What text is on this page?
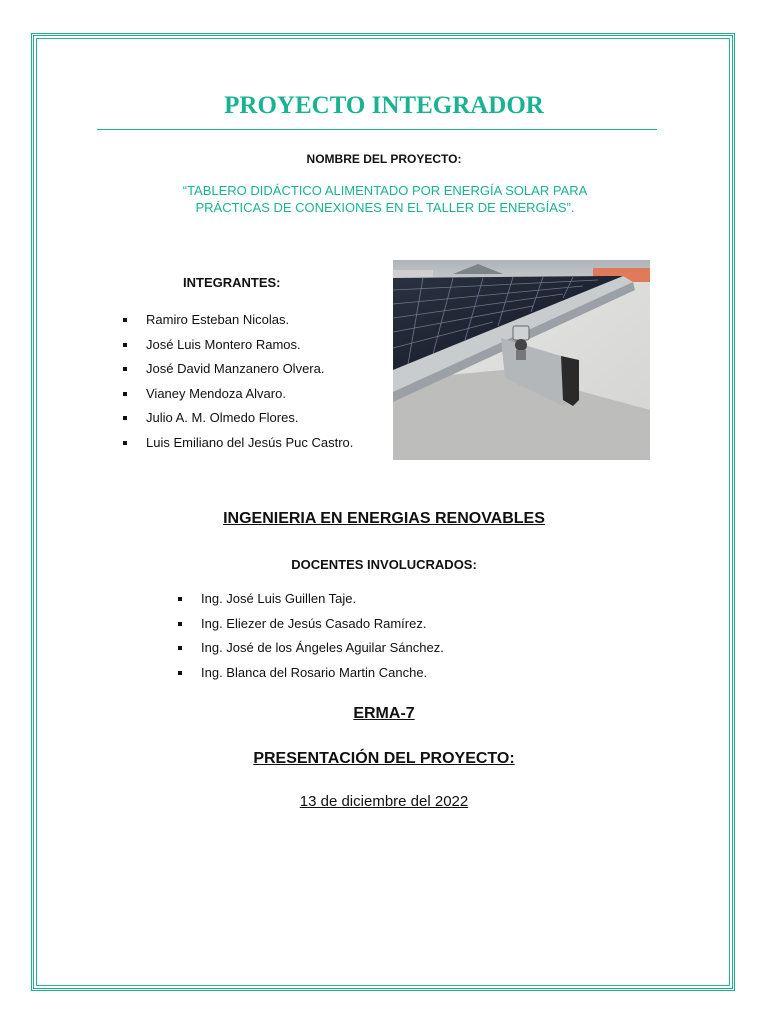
PROYECTO INTEGRADOR
NOMBRE DEL PROYECTO:
“TABLERO DIDÁCTICO ALIMENTADO POR ENERGÍA SOLAR PARA PRÁCTICAS DE CONEXIONES EN EL TALLER DE ENERGÍAS”.
INTEGRANTES:
Ramiro Esteban Nicolas.
José Luis Montero Ramos.
José David Manzanero Olvera.
Vianey Mendoza Alvaro.
Julio A. M. Olmedo Flores.
Luis Emiliano del Jesús Puc Castro.
INGENIERIA EN ENERGIAS RENOVABLES
DOCENTES INVOLUCRADOS:
Ing. José Luis Guillen Taje.
Ing. Eliezer de Jesús Casado Ramírez.
Ing. José de los Ángeles Aguilar Sánchez.
Ing. Blanca del Rosario Martin Canche.
ERMA-7
PRESENTACIÓN DEL PROYECTO:
13 de diciembre del 2022
